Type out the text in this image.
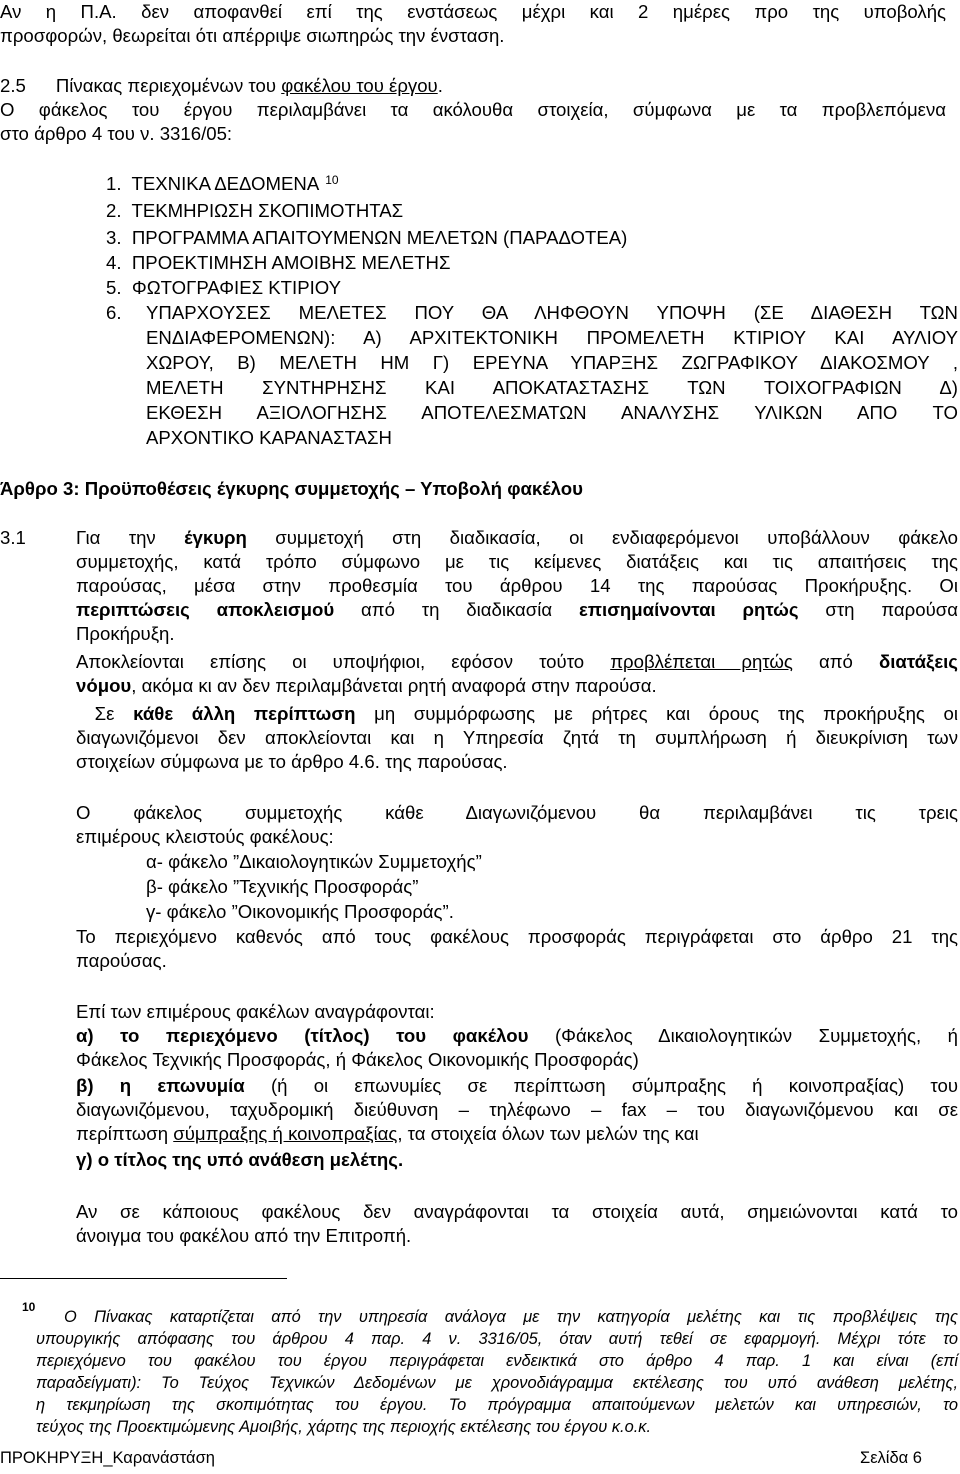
Αν η Π.Α. δεν αποφανθεί επί της ενστάσεως μέχρι και 2 ημέρες προ της υποβολής
προσφορών, θεωρείται ότι απέρριψε σιωπηρώς την ένσταση.
2.5 Πίνακας περιεχομένων του φακέλου του έργου.
Ο φάκελος του έργου περιλαμβάνει τα ακόλουθα στοιχεία, σύμφωνα με τα προβλεπόμενα
στο άρθρο 4 του ν. 3316/05:
1. ΤΕΧΝΙΚΑ ΔΕΔΟΜΕΝΑ $^{10}$
2. ΤΕΚΜΗΡΙΩΣΗ ΣΚΟΠΙΜΟΤΗΤΑΣ
3. ΠΡΟΓΡΑΜΜΑ ΑΠΑΙΤΟΥΜΕΝΩΝ ΜΕΛΕΤΩΝ (ΠΑΡΑΔΟΤΕΑ)
4. ΠΡΟΕΚΤΙΜΗΣΗ ΑΜΟΙΒΗΣ ΜΕΛΕΤΗΣ
5. ΦΩΤΟΓΡΑΦΙΕΣ ΚΤΙΡΙΟΥ
6. ΥΠΑΡΧΟΥΣΕΣ ΜΕΛΕΤΕΣ ΠΟΥ ΘΑ ΛΗΦΘΟΥΝ ΥΠΟΨΗ (ΣΕ ΔΙΑΘΕΣΗ ΤΩΝ
ΕΝΔΙΑΦΕΡΟΜΕΝΩΝ): Α) ΑΡΧΙΤΕΚΤΟΝΙΚΗ ΠΡΟΜΕΛΕΤΗ ΚΤΙΡΙΟΥ ΚΑΙ ΑΥΛΙΟΥ
ΧΩΡΟΥ, Β) ΜΕΛΕΤΗ ΗΜ Γ) ΕΡΕΥΝΑ ΥΠΑΡΞΗΣ ΖΩΓΡΑΦΙΚΟΥ ΔΙΑΚΟΣΜΟΥ ,
ΜΕΛΕΤΗ ΣΥΝΤΗΡΗΣΗΣ ΚΑΙ ΑΠΟΚΑΤΑΣΤΑΣΗΣ ΤΩΝ ΤΟΙΧΟΓΡΑΦΙΩΝ Δ)
ΕΚΘΕΣΗ ΑΞΙΟΛΟΓΗΣΗΣ ΑΠΟΤΕΛΕΣΜΑΤΩΝ ΑΝΑΛΥΣΗΣ ΥΛΙΚΩΝ ΑΠΟ ΤΟ
ΑΡΧΟΝΤΙΚΟ ΚΑΡΑΝΑΣΤΑΣΗ
Άρθρο 3: Προϋποθέσεις έγκυρης συμμετοχής – Υποβολή φακέλου
3.1	Για την έγκυρη συμμετοχή στη διαδικασία, οι ενδιαφερόμενοι υποβάλλουν φάκελο
συμμετοχής, κατά τρόπο σύμφωνο με τις κείμενες διατάξεις και τις απαιτήσεις της
παρούσας, μέσα στην προθεσμία του άρθρου 14 της παρούσας Προκήρυξης. Οι
περιπτώσεις αποκλεισμού από τη διαδικασία επισημαίνονται ρητώς στη παρούσα
Προκήρυξη.
Αποκλείονται επίσης οι υποψήφιοι, εφόσον τούτο προβλέπεται ρητώς από διατάξεις
νόμου, ακόμα κι αν δεν περιλαμβάνεται ρητή αναφορά στην παρούσα.
Σε κάθε άλλη περίπτωση μη συμμόρφωσης με ρήτρες και όρους της προκήρυξης οι
διαγωνιζόμενοι δεν αποκλείονται και η Υπηρεσία ζητά τη συμπλήρωση ή διευκρίνιση των
στοιχείων σύμφωνα με το άρθρο 4.6. της παρούσας.
Ο φάκελος συμμετοχής κάθε Διαγωνιζόμενου θα περιλαμβάνει τις τρεις
επιμέρους κλειστούς φακέλους:
α- φάκελο ”Δικαιολογητικών Συμμετοχής”
β- φάκελο ”Τεχνικής Προσφοράς”
γ- φάκελο ”Οικονομικής Προσφοράς”.
Το περιεχόμενο καθενός από τους φακέλους προσφοράς περιγράφεται στο άρθρο 21 της
παρούσας.
Επί των επιμέρους φακέλων αναγράφονται:
α) το περιεχόμενο (τίτλος) του φακέλου (Φάκελος Δικαιολογητικών Συμμετοχής, ή
Φάκελος Τεχνικής Προσφοράς, ή Φάκελος Οικονομικής Προσφοράς)
β) η επωνυμία (ή οι επωνυμίες σε περίπτωση σύμπραξης ή κοινοπραξίας) του
διαγωνιζόμενου, ταχυδρομική διεύθυνση – τηλέφωνο – fax – του διαγωνιζόμενου και σε
περίπτωση σύμπραξης ή κοινοπραξίας, τα στοιχεία όλων των μελών της και
γ) ο τίτλος της υπό ανάθεση μελέτης.
Αν σε κάποιους φακέλους δεν αναγράφονται τα στοιχεία αυτά, σημειώνονται κατά το
άνοιγμα του φακέλου από την Επιτροπή.
10
Ο Πίνακας καταρτίζεται από την υπηρεσία ανάλογα με την κατηγορία μελέτης και τις προβλέψεις της
υπουργικής απόφασης του άρθρου 4 παρ. 4 ν. 3316/05, όταν αυτή τεθεί σε εφαρμογή. Μέχρι τότε το
περιεχόμενο του φακέλου του έργου περιγράφεται ενδεικτικά στο άρθρο 4 παρ. 1 και είναι (επί
παραδείγματι): Το Τεύχος Τεχνικών Δεδομένων με χρονοδιάγραμμα εκτέλεσης του υπό ανάθεση μελέτης,
η τεκμηρίωση της σκοπιμότητας του έργου. Το πρόγραμμα απαιτούμενων μελετών και υπηρεσιών, το
τεύχος της Προεκτιμώμενης Αμοιβής, χάρτης της περιοχής εκτέλεσης του έργου κ.ο.κ.
ΠΡΟΚΗΡΥΞΗ_Καρανάστάση	Σελίδα 6
